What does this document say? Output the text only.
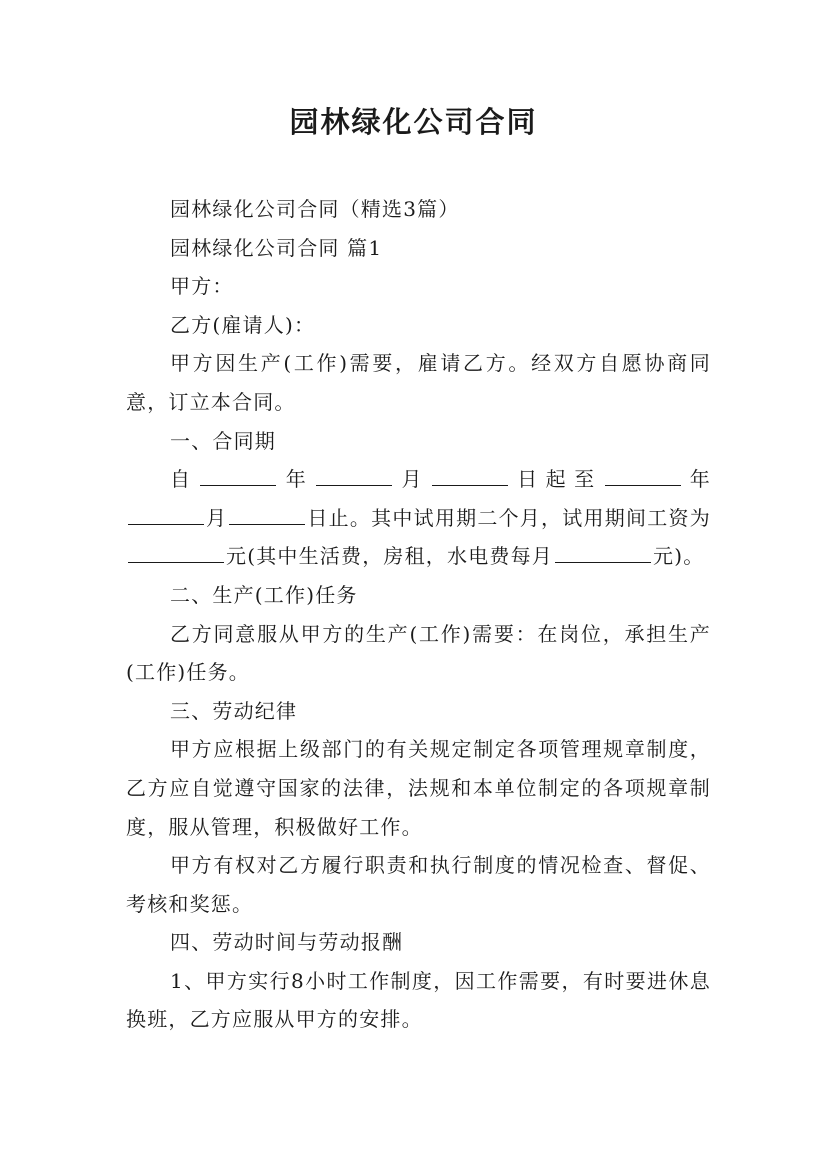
园林绿化公司合同

园林绿化公司合同（精选3篇）

园林绿化公司合同 篇1

甲方：

乙方(雇请人)：

甲方因生产(工作)需要，雇请乙方。经双方自愿协商同意，订立本合同。

一、合同期

自	年	月	日起至	年月	日止。其中试用期二个月，试用期间工资为元(其中生活费，房租，水电费每月	元)。

二、生产(工作)任务

乙方同意服从甲方的生产(工作)需要：在岗位，承担生产(工作)任务。

三、劳动纪律

甲方应根据上级部门的有关规定制定各项管理规章制度，乙方应自觉遵守国家的法律，法规和本单位制定的各项规章制度，服从管理，积极做好工作。

甲方有权对乙方履行职责和执行制度的情况检查、督促、考核和奖惩。

四、劳动时间与劳动报酬

1、甲方实行8小时工作制度，因工作需要，有时要进休息换班，乙方应服从甲方的安排。
